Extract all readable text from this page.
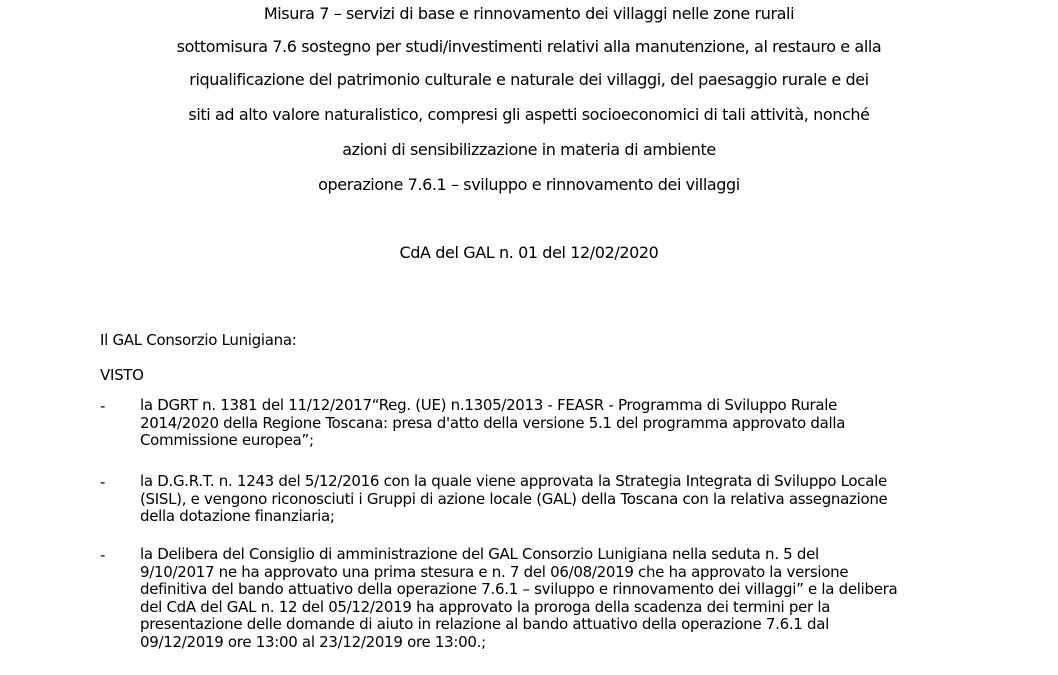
Misura 7 – servizi di base e rinnovamento dei villaggi nelle zone rurali
sottomisura 7.6 sostegno per studi/investimenti relativi alla manutenzione, al restauro e alla
riqualificazione del patrimonio culturale e naturale dei villaggi, del paesaggio rurale e dei
siti ad alto valore naturalistico, compresi gli aspetti socioeconomici di tali attività, nonché
azioni di sensibilizzazione in materia di ambiente
operazione 7.6.1 – sviluppo e rinnovamento dei villaggi
CdA del GAL n. 01 del 12/02/2020
Il GAL Consorzio Lunigiana:
VISTO
- la DGRT n. 1381 del 11/12/2017“Reg. (UE) n.1305/2013 - FEASR - Programma di Sviluppo Rurale
2014/2020 della Regione Toscana: presa d'atto della versione 5.1 del programma approvato dalla
Commissione europea”;
- la D.G.R.T. n. 1243 del 5/12/2016 con la quale viene approvata la Strategia Integrata di Sviluppo Locale
(SISL), e vengono riconosciuti i Gruppi di azione locale (GAL) della Toscana con la relativa assegnazione
della dotazione finanziaria;
- la Delibera del Consiglio di amministrazione del GAL Consorzio Lunigiana nella seduta n. 5 del
9/10/2017 ne ha approvato una prima stesura e n. 7 del 06/08/2019 che ha approvato la versione
definitiva del bando attuativo della operazione 7.6.1 – sviluppo e rinnovamento dei villaggi” e la delibera
del CdA del GAL n. 12 del 05/12/2019 ha approvato la proroga della scadenza dei termini per la
presentazione delle domande di aiuto in relazione al bando attuativo della operazione 7.6.1 dal
09/12/2019 ore 13:00 al 23/12/2019 ore 13:00.;
